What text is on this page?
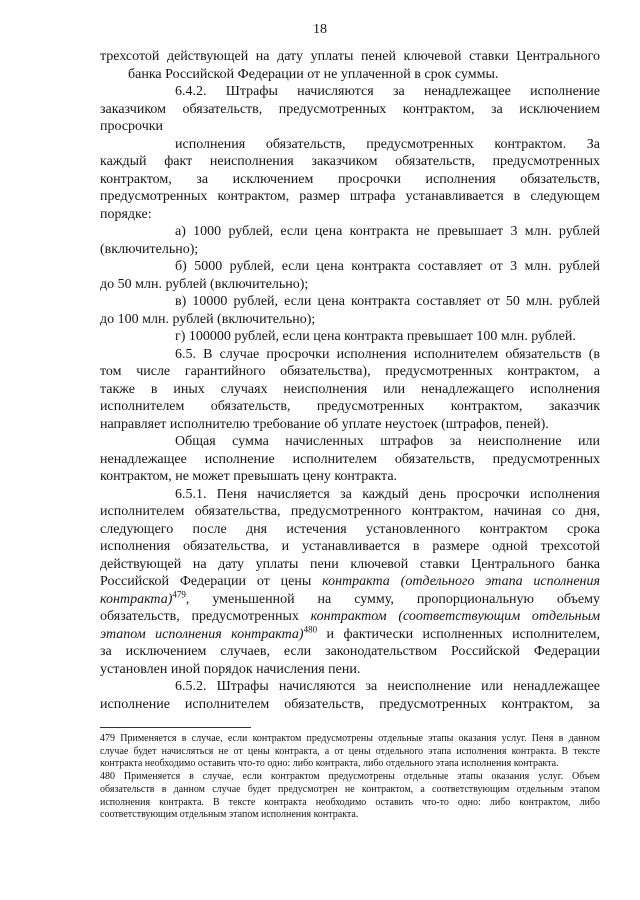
18
трехсотой действующей на дату уплаты пеней ключевой ставки Центрального
банка Российской Федерации от не уплаченной в срок суммы.
6.4.2. Штрафы начисляются за ненадлежащее исполнение
заказчиком обязательств, предусмотренных контрактом, за исключением
просрочки
исполнения обязательств, предусмотренных контрактом. За
каждый факт неисполнения заказчиком обязательств, предусмотренных
контрактом, за исключением просрочки исполнения обязательств,
предусмотренных контрактом, размер штрафа устанавливается в следующем
порядке:
а) 1000 рублей, если цена контракта не превышает 3 млн. рублей
(включительно);
б) 5000 рублей, если цена контракта составляет от 3 млн. рублей
до 50 млн. рублей (включительно);
в) 10000 рублей, если цена контракта составляет от 50 млн. рублей
до 100 млн. рублей (включительно);
г) 100000 рублей, если цена контракта превышает 100 млн. рублей.
6.5. В случае просрочки исполнения исполнителем обязательств (в
том числе гарантийного обязательства), предусмотренных контрактом, а
также в иных случаях неисполнения или ненадлежащего исполнения
исполнителем обязательств, предусмотренных контрактом, заказчик
направляет исполнителю требование об уплате неустоек (штрафов, пеней).
Общая сумма начисленных штрафов за неисполнение или
ненадлежащее исполнение исполнителем обязательств, предусмотренных
контрактом, не может превышать цену контракта.
6.5.1. Пеня начисляется за каждый день просрочки исполнения
исполнителем обязательства, предусмотренного контрактом, начиная со дня,
следующего после дня истечения установленного контрактом срока
исполнения обязательства, и устанавливается в размере одной трехсотой
действующей на дату уплаты пени ключевой ставки Центрального банка
Российской Федерации от цены контракта (отдельного этапа исполнения
контракта)$^{479}$, уменьшенной на сумму, пропорциональную объему
обязательств, предусмотренных контрактом (соответствующим отдельным
этапом исполнения контракта)$^{480}$ и фактически исполненных исполнителем,
за исключением случаев, если законодательством Российской Федерации
установлен иной порядок начисления пени.
6.5.2. Штрафы начисляются за неисполнение или ненадлежащее
исполнение исполнителем обязательств, предусмотренных контрактом, за
479 Применяется в случае, если контрактом предусмотрены отдельные этапы оказания услуг. Пеня в данном
случае будет начисляться не от цены контракта, а от цены отдельного этапа исполнения контракта. В тексте
контракта необходимо оставить что-то одно: либо контракта, либо отдельного этапа исполнения контракта.
480 Применяется в случае, если контрактом предусмотрены отдельные этапы оказания услуг. Объем
обязательств в данном случае будет предусмотрен не контрактом, а соответствующим отдельным этапом
исполнения контракта. В тексте контракта необходимо оставить что-то одно: либо контрактом, либо
соответствующим отдельным этапом исполнения контракта.
